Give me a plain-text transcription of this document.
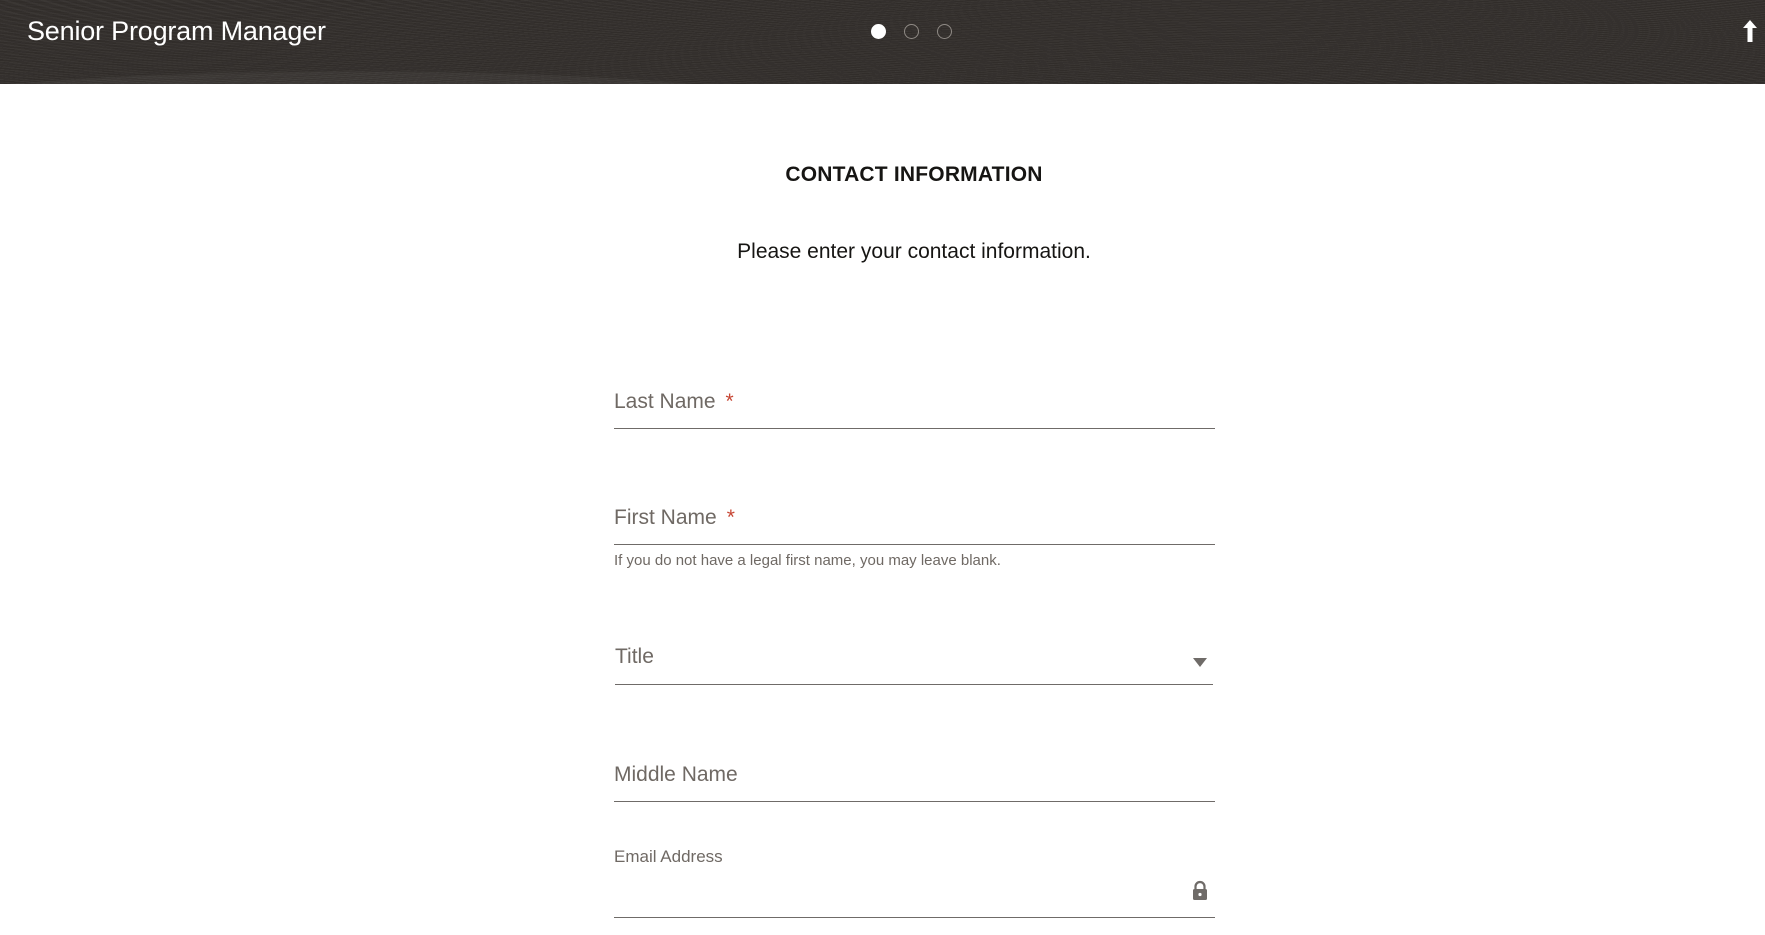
Senior Program Manager
CONTACT INFORMATION
Please enter your contact information.
Last Name *
First Name *
If you do not have a legal first name, you may leave blank.
Title
Middle Name
Email Address
